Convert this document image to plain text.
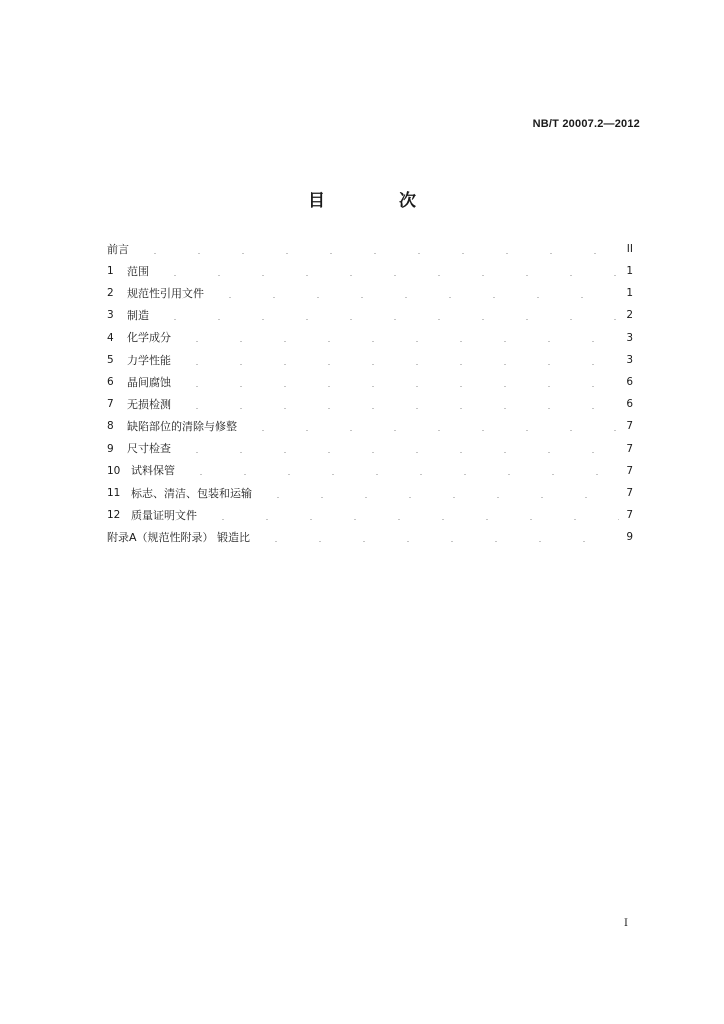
NB/T 20007.2—2012
目 次
前言	II
1	范围	1
2	规范性引用文件	1
3	制造	2
4	化学成分	3
5	力学性能	3
6	晶间腐蚀	6
7	无损检测	6
8	缺陷部位的清除与修整	7
9	尺寸检查	7
10 试料保管	7
11 标志、清洁、包装和运输	7
12 质量证明文件	7
附录A（规范性附录） 锻造比	9
I
